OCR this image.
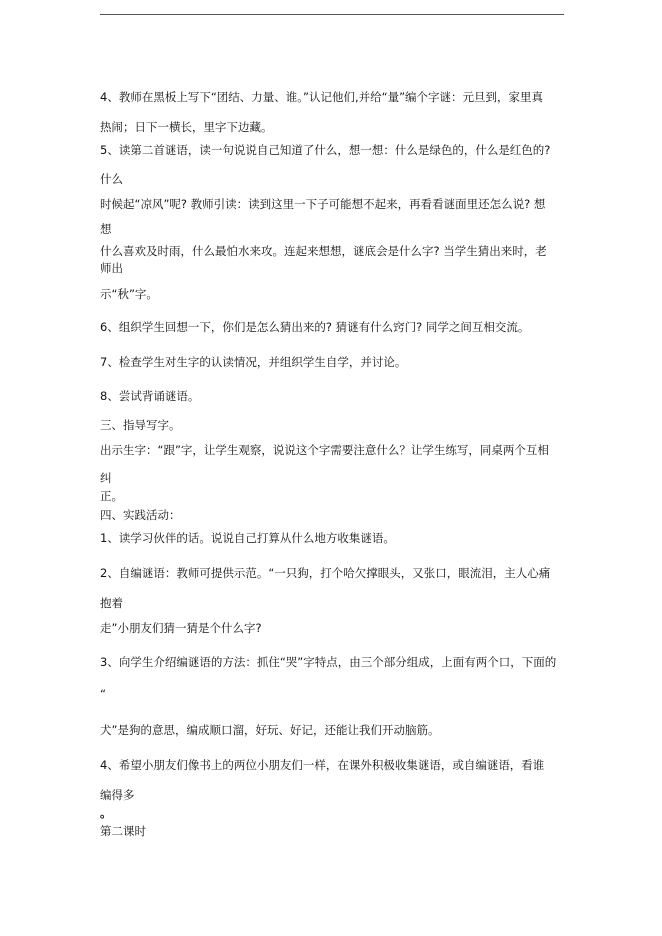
4、教师在黑板上写下“团结、力量、谁。”认记他们,并给“量”编个字谜：元旦到，家里真
热闹；日下一横长，里字下边藏。
5、读第二首谜语，读一句说说自己知道了什么，想一想：什么是绿色的，什么是红色的?
什么
时候起“凉风”呢? 教师引读：读到这里一下子可能想不起来，再看看谜面里还怎么说? 想
想
什么喜欢及时雨，什么最怕水来攻。连起来想想，谜底会是什么字? 当学生猜出来时，老
师出
示“秋”字。
6、组织学生回想一下，你们是怎么猜出来的? 猜谜有什么窍门? 同学之间互相交流。
7、检查学生对生字的认读情况，并组织学生自学，并讨论。
8、尝试背诵谜语。
三、指导写字。
出示生字：“跟”字，让学生观察，说说这个字需要注意什么？让学生练写，同桌两个互相
纠
正。
四、实践活动：
1、读学习伙伴的话。说说自己打算从什么地方收集谜语。
2、自编谜语：教师可提供示范。“一只狗，打个哈欠撑眼头，又张口，眼流泪，主人心痛
抱着
走”小朋友们猜一猜是个什么字?
3、向学生介绍编谜语的方法：抓住“哭”字特点，由三个部分组成，上面有两个口，下面的
“
犬”是狗的意思，编成顺口溜，好玩、好记，还能让我们开动脑筋。
4、希望小朋友们像书上的两位小朋友们一样，在课外积极收集谜语，或自编谜语，看谁
编得多
。
第二课时
